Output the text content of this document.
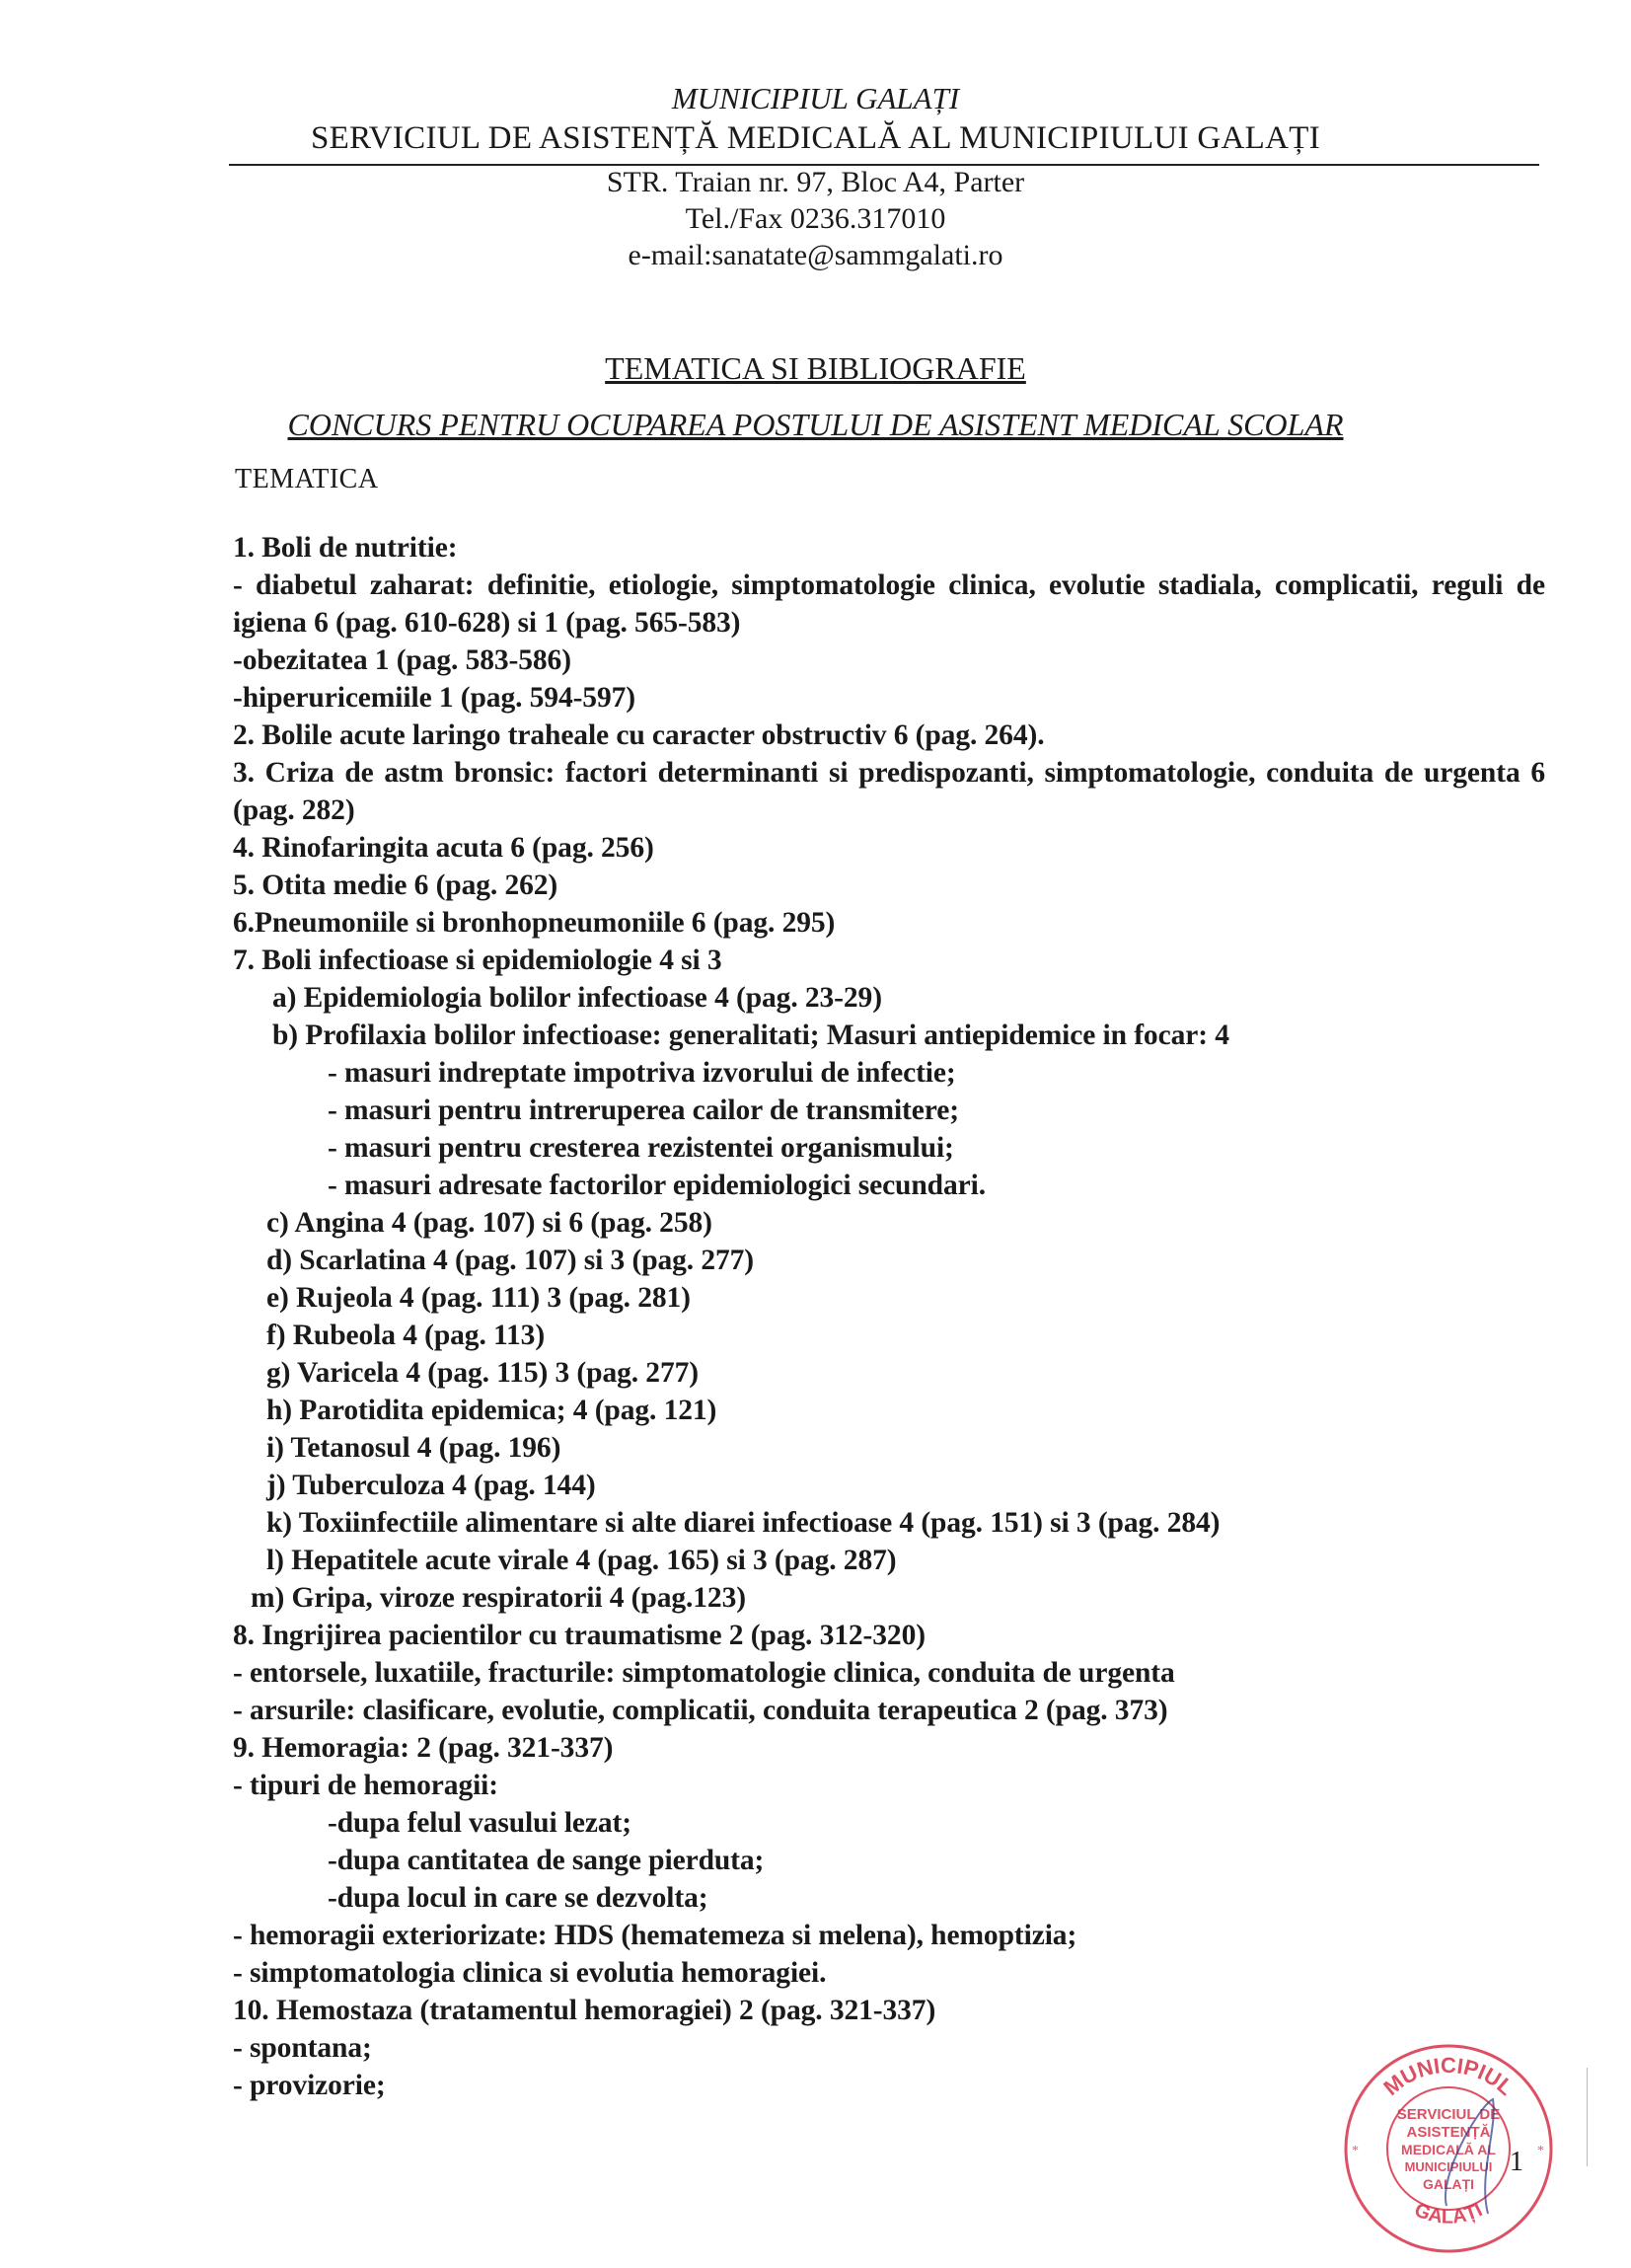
MUNICIPIUL GALAȚI
SERVICIUL DE ASISTENȚĂ MEDICALĂ AL MUNICIPIULUI GALAȚI
STR. Traian nr. 97, Bloc A4, Parter
Tel./Fax 0236.317010
e-mail:sanatate@sammgalati.ro
TEMATICA SI BIBLIOGRAFIE
CONCURS PENTRU OCUPAREA POSTULUI DE ASISTENT MEDICAL SCOLAR
TEMATICA
1. Boli de nutritie:
- diabetul zaharat: definitie, etiologie, simptomatologie clinica, evolutie stadiala, complicatii, reguli de igiena 6 (pag. 610-628) si 1 (pag. 565-583)
-obezitatea 1 (pag. 583-586)
-hiperuricemiile 1 (pag. 594-597)
2. Bolile acute laringo traheale cu caracter obstructiv 6 (pag. 264).
3. Criza de astm bronsic: factori determinanti si predispozanti, simptomatologie, conduita de urgenta 6 (pag. 282)
4. Rinofaringita acuta 6 (pag. 256)
5. Otita medie 6 (pag. 262)
6.Pneumoniile si bronhopneumoniile 6 (pag. 295)
7. Boli infectioase si epidemiologie 4 si 3
a) Epidemiologia bolilor infectioase 4 (pag. 23-29)
b) Profilaxia bolilor infectioase: generalitati; Masuri antiepidemice in focar: 4
- masuri indreptate impotriva izvorului de infectie;
- masuri pentru intreruperea cailor de transmitere;
- masuri pentru cresterea rezistentei organismului;
- masuri adresate factorilor epidemiologici secundari.
c) Angina 4 (pag. 107) si 6 (pag. 258)
d) Scarlatina 4 (pag. 107) si 3 (pag. 277)
e) Rujeola 4 (pag. 111) 3 (pag. 281)
f) Rubeola 4 (pag. 113)
g) Varicela 4 (pag. 115) 3 (pag. 277)
h) Parotidita epidemica; 4 (pag. 121)
i) Tetanosul 4 (pag. 196)
j) Tuberculoza 4 (pag. 144)
k) Toxiinfectiile alimentare si alte diarei infectioase 4 (pag. 151) si 3 (pag. 284)
l) Hepatitele acute virale 4 (pag. 165) si 3 (pag. 287)
m) Gripa, viroze respiratorii 4 (pag.123)
8. Ingrijirea pacientilor cu traumatisme 2 (pag. 312-320)
- entorsele, luxatiile, fracturile: simptomatologie clinica, conduita de urgenta
- arsurile: clasificare, evolutie, complicatii, conduita terapeutica 2 (pag. 373)
9. Hemoragia: 2 (pag. 321-337)
- tipuri de hemoragii:
-dupa felul vasului lezat;
-dupa cantitatea de sange pierduta;
-dupa locul in care se dezvolta;
- hemoragii exteriorizate: HDS (hematemeza si melena), hemoptizia;
- simptomatologia clinica si evolutia hemoragiei.
10. Hemostaza (tratamentul hemoragiei) 2 (pag. 321-337)
- spontana;
- provizorie;	MUNICIPIUL
GALAȚI
SERVICIUL DE
ASISTENȚĂ
MEDICALĂ AL
MUNICIPIULUI
GALAȚI
*	*
1
